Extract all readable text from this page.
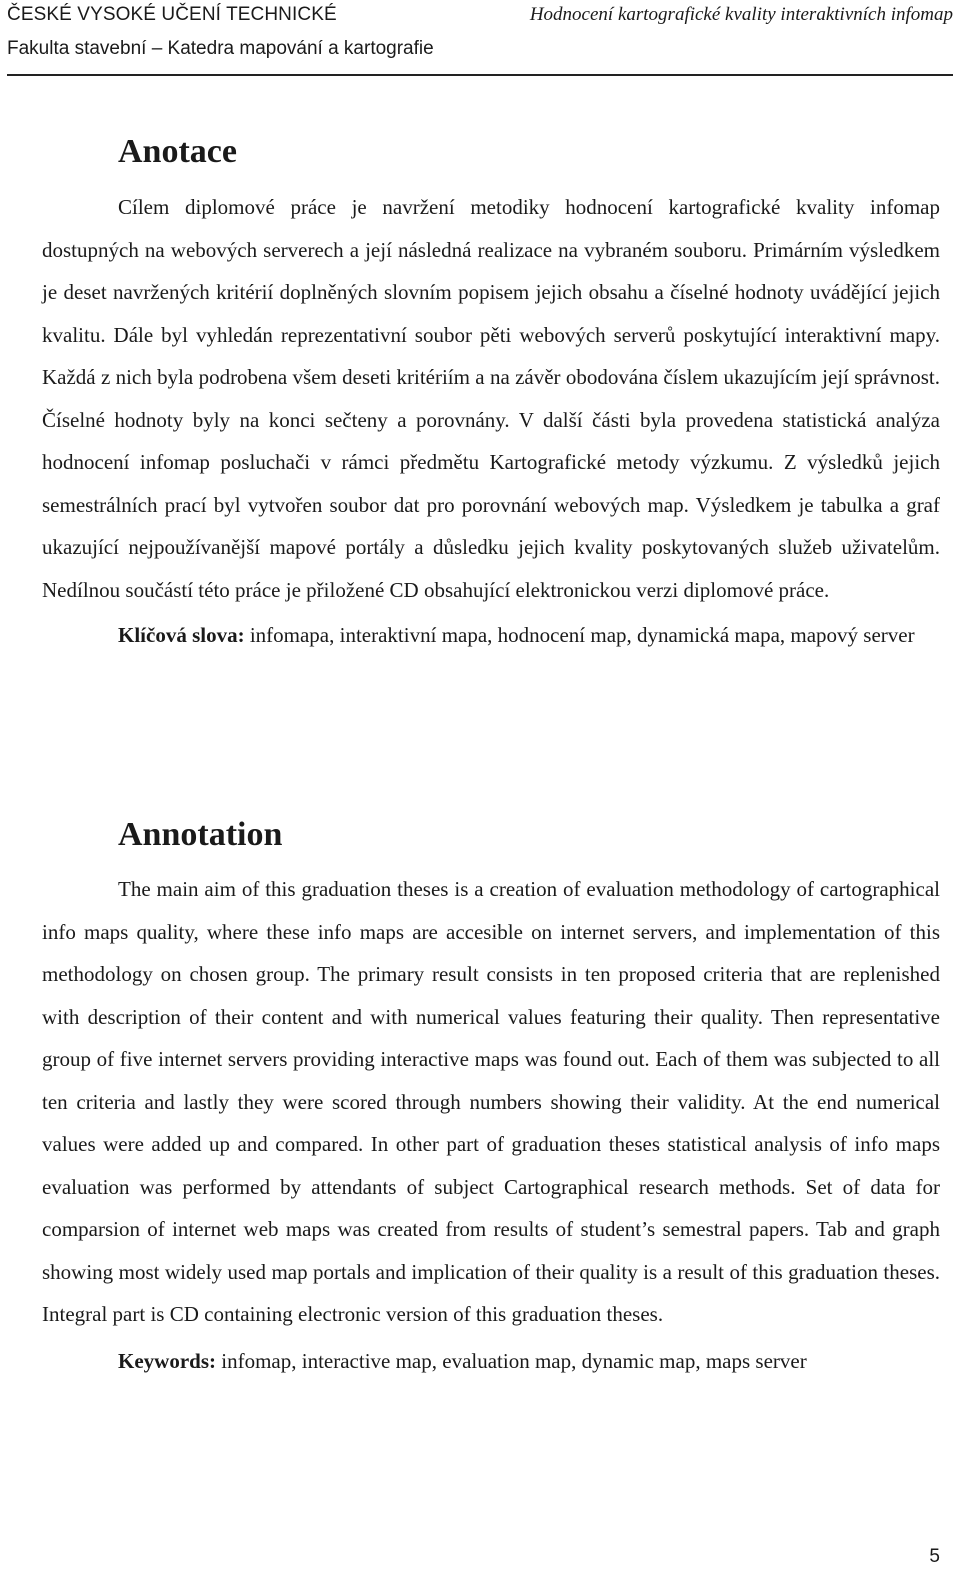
ČESKÉ VYSOKÉ UČENÍ TECHNICKÉ
Fakulta stavební – Katedra mapování a kartografie
Hodnocení kartografické kvality interaktivních infomap
Anotace

Cílem diplomové práce je navržení metodiky hodnocení kartografické kvality infomap dostupných na webových serverech a její následná realizace na vybraném souboru. Primárním výsledkem je deset navržených kritérií doplněných slovním popisem jejich obsahu a číselné hodnoty uvádějící jejich kvalitu. Dále byl vyhledán reprezentativní soubor pěti webových serverů poskytující interaktivní mapy. Každá z nich byla podrobena všem deseti kritériím a na závěr obodována číslem ukazujícím její správnost. Číselné hodnoty byly na konci sečteny a porovnány. V další části byla provedena statistická analýza hodnocení infomap posluchači v rámci předmětu Kartografické metody výzkumu. Z výsledků jejich semestrálních prací byl vytvořen soubor dat pro porovnání webových map. Výsledkem je tabulka a graf ukazující nejpoužívanější mapové portály a důsledku jejich kvality poskytovaných služeb uživatelům. Nedílnou součástí této práce je přiložené CD obsahující elektronickou verzi diplomové práce.

Klíčová slova: infomapa, interaktivní mapa, hodnocení map, dynamická mapa, mapový server

Annotation

The main aim of this graduation theses is a creation of evaluation methodology of cartographical info maps quality, where these info maps are accesible on internet servers, and implementation of this methodology on chosen group. The primary result consists in ten proposed criteria that are replenished with description of their content and with numerical values featuring their quality. Then representative group of five internet servers providing interactive maps was found out. Each of them was subjected to all ten criteria and lastly they were scored through numbers showing their validity. At the end numerical values were added up and compared. In other part of graduation theses statistical analysis of info maps evaluation was performed by attendants of subject Cartographical research methods. Set of data for comparsion of internet web maps was created from results of student’s semestral papers. Tab and graph showing most widely used map portals and implication of their quality is a result of this graduation theses. Integral part is CD containing electronic version of this graduation theses.

Keywords: infomap, interactive map, evaluation map, dynamic map, maps server

5
